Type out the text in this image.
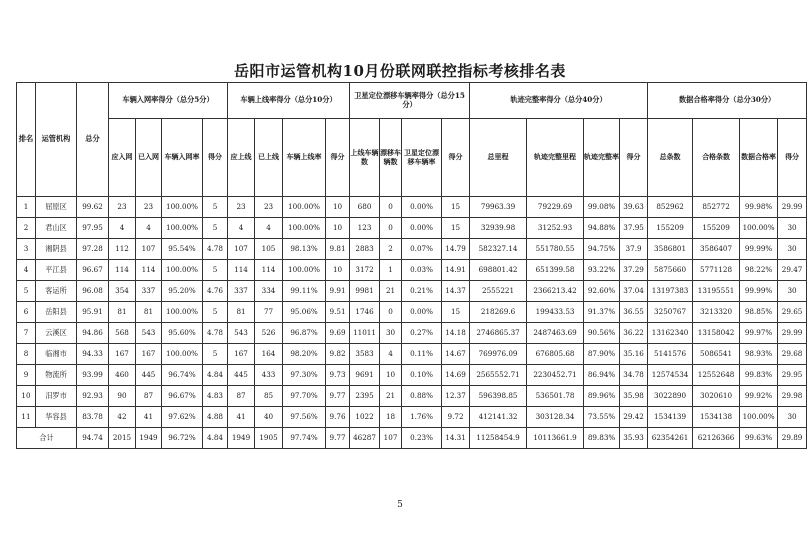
岳阳市运管机构10月份联网联控指标考核排名表
排名	运管机构	总分	车辆入网率得分（总分5分）				车辆上线率得分（总分10分）				卫星定位漂移车辆率得分（总分15分）				轨迹完整率得分（总分40分）				数据合格率得分（总分30分）			
			应入网	已入网	车辆入网率	得分	应上线	已上线	车辆上线率	得分	上线车辆数	漂移车辆数	卫星定位漂移车辆率	得分	总里程	轨迹完整里程	轨迹完整率	得分	总条数	合格条数	数据合格率	得分
1	屈原区	99.62	23	23	100.00%	5	23	23	100.00%	10	680	0	0.00%	15	79963.39	79229.69	99.08%	39.63	852962	852772	99.98%	29.99
2	君山区	97.95	4	4	100.00%	5	4	4	100.00%	10	123	0	0.00%	15	32939.98	31252.93	94.88%	37.95	155209	155209	100.00%	30
3	湘阴县	97.28	112	107	95.54%	4.78	107	105	98.13%	9.81	2883	2	0.07%	14.79	582327.14	551780.55	94.75%	37.9	3586801	3586407	99.99%	30
4	平江县	96.67	114	114	100.00%	5	114	114	100.00%	10	3172	1	0.03%	14.91	698801.42	651399.58	93.22%	37.29	5875660	5771128	98.22%	29.47
5	客运所	96.08	354	337	95.20%	4.76	337	334	99.11%	9.91	9981	21	0.21%	14.37	2555221	2366213.42	92.60%	37.04	13197383	13195551	99.99%	30
6	岳阳县	95.91	81	81	100.00%	5	81	77	95.06%	9.51	1746	0	0.00%	15	218269.6	199433.53	91.37%	36.55	3250767	3213320	98.85%	29.65
7	云溪区	94.86	568	543	95.60%	4.78	543	526	96.87%	9.69	11011	30	0.27%	14.18	2746865.37	2487463.69	90.56%	36.22	13162340	13158042	99.97%	29.99
8	临湘市	94.33	167	167	100.00%	5	167	164	98.20%	9.82	3583	4	0.11%	14.67	769976.09	676805.68	87.90%	35.16	5141576	5086541	98.93%	29.68
9	物流所	93.99	460	445	96.74%	4.84	445	433	97.30%	9.73	9691	10	0.10%	14.69	2565552.71	2230452.71	86.94%	34.78	12574534	12552648	99.83%	29.95
10	汨罗市	92.93	90	87	96.67%	4.83	87	85	97.70%	9.77	2395	21	0.88%	12.37	596398.85	536501.78	89.96%	35.98	3022890	3020610	99.92%	29.98
11	华容县	83.78	42	41	97.62%	4.88	41	40	97.56%	9.76	1022	18	1.76%	9.72	412141.32	303128.34	73.55%	29.42	1534139	1534138	100.00%	30
合计		94.74	2015	1949	96.72%	4.84	1949	1905	97.74%	9.77	46287	107	0.23%	14.31	11258454.9	10113661.9	89.83%	35.93	62354261	62126366	99.63%	29.89
5
